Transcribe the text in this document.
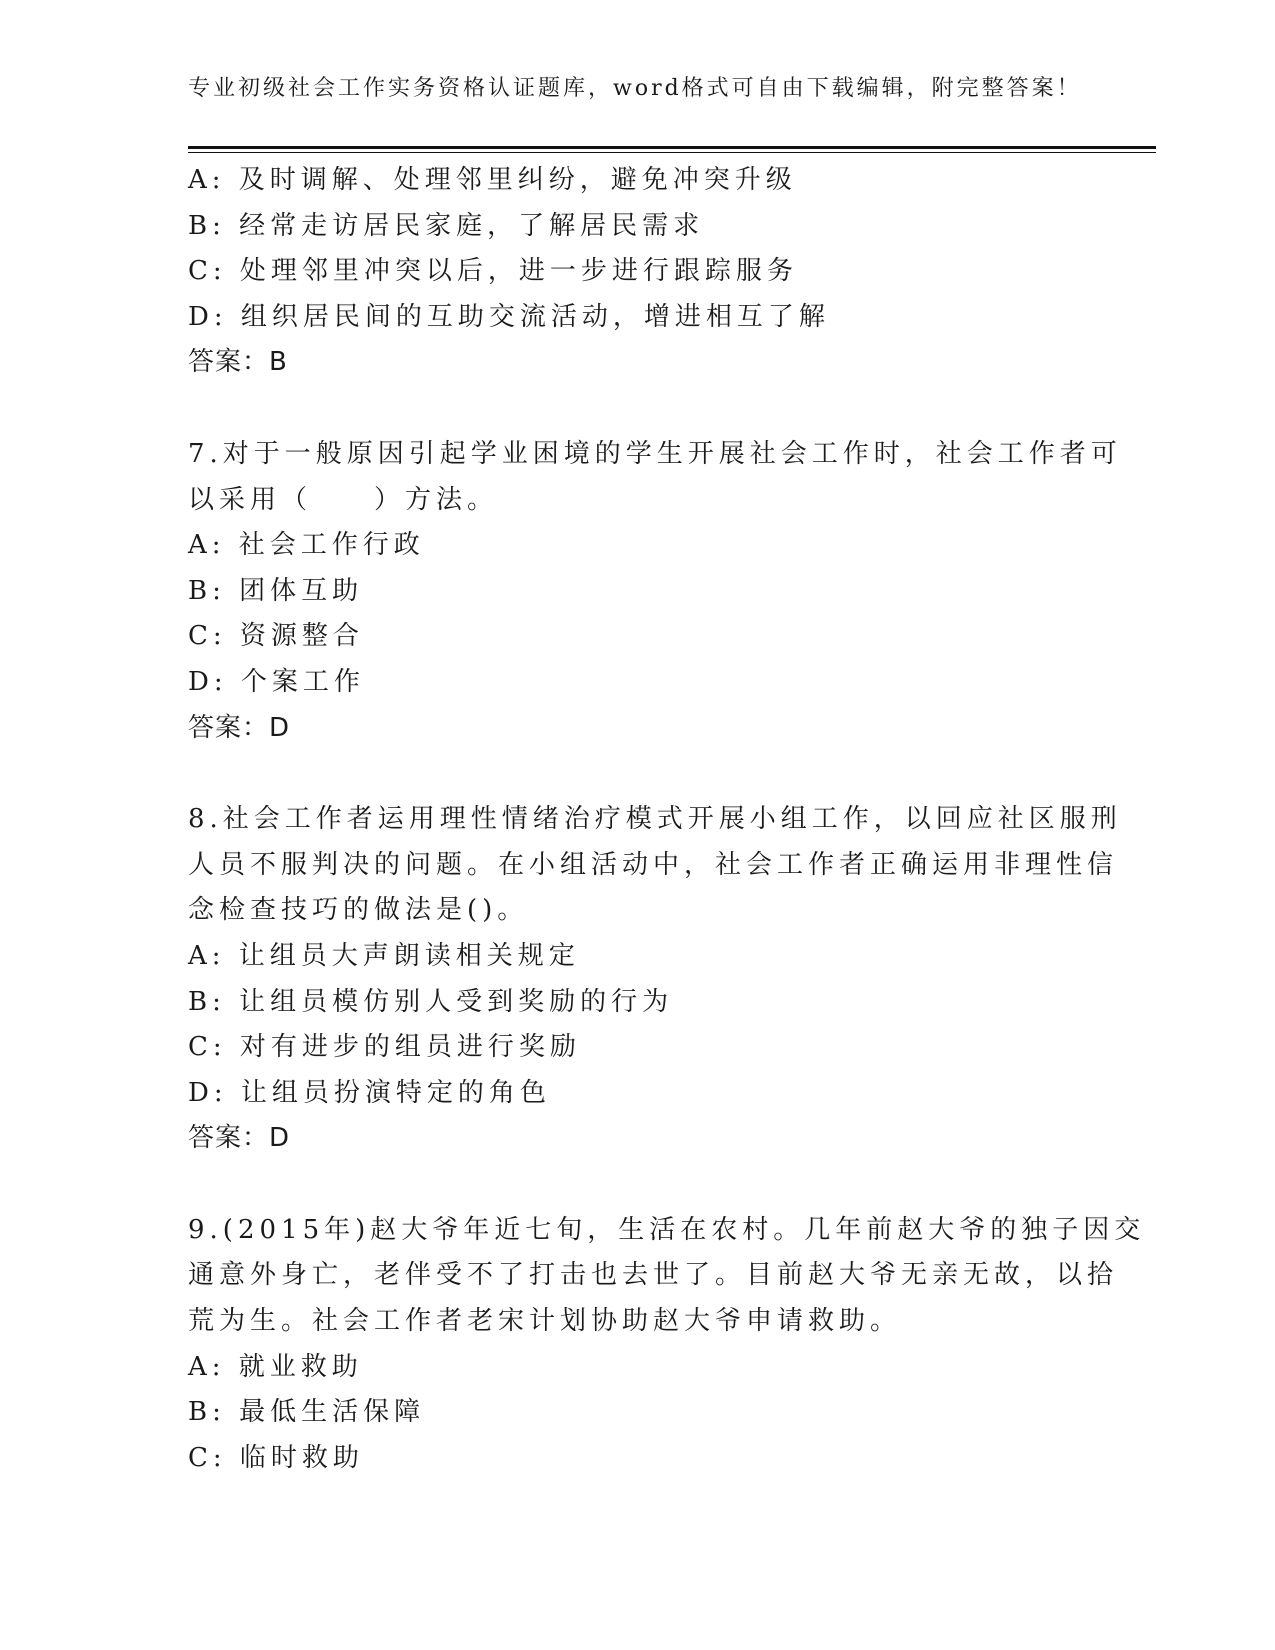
专业初级社会工作实务资格认证题库，word格式可自由下载编辑，附完整答案！
A: 及时调解、处理邻里纠纷，避免冲突升级
B: 经常走访居民家庭，了解居民需求
C: 处理邻里冲突以后，进一步进行跟踪服务
D: 组织居民间的互助交流活动，增进相互了解
答案：B
7.对于一般原因引起学业困境的学生开展社会工作时，社会工作者可
以采用（　　）方法。
A: 社会工作行政
B: 团体互助
C: 资源整合
D: 个案工作
答案：D
8.社会工作者运用理性情绪治疗模式开展小组工作，以回应社区服刑
人员不服判决的问题。在小组活动中，社会工作者正确运用非理性信
念检查技巧的做法是()。
A: 让组员大声朗读相关规定
B: 让组员模仿别人受到奖励的行为
C: 对有进步的组员进行奖励
D: 让组员扮演特定的角色
答案：D
9.(2015年)赵大爷年近七旬，生活在农村。几年前赵大爷的独子因交
通意外身亡，老伴受不了打击也去世了。目前赵大爷无亲无故，以拾
荒为生。社会工作者老宋计划协助赵大爷申请救助。
A: 就业救助
B: 最低生活保障
C: 临时救助
